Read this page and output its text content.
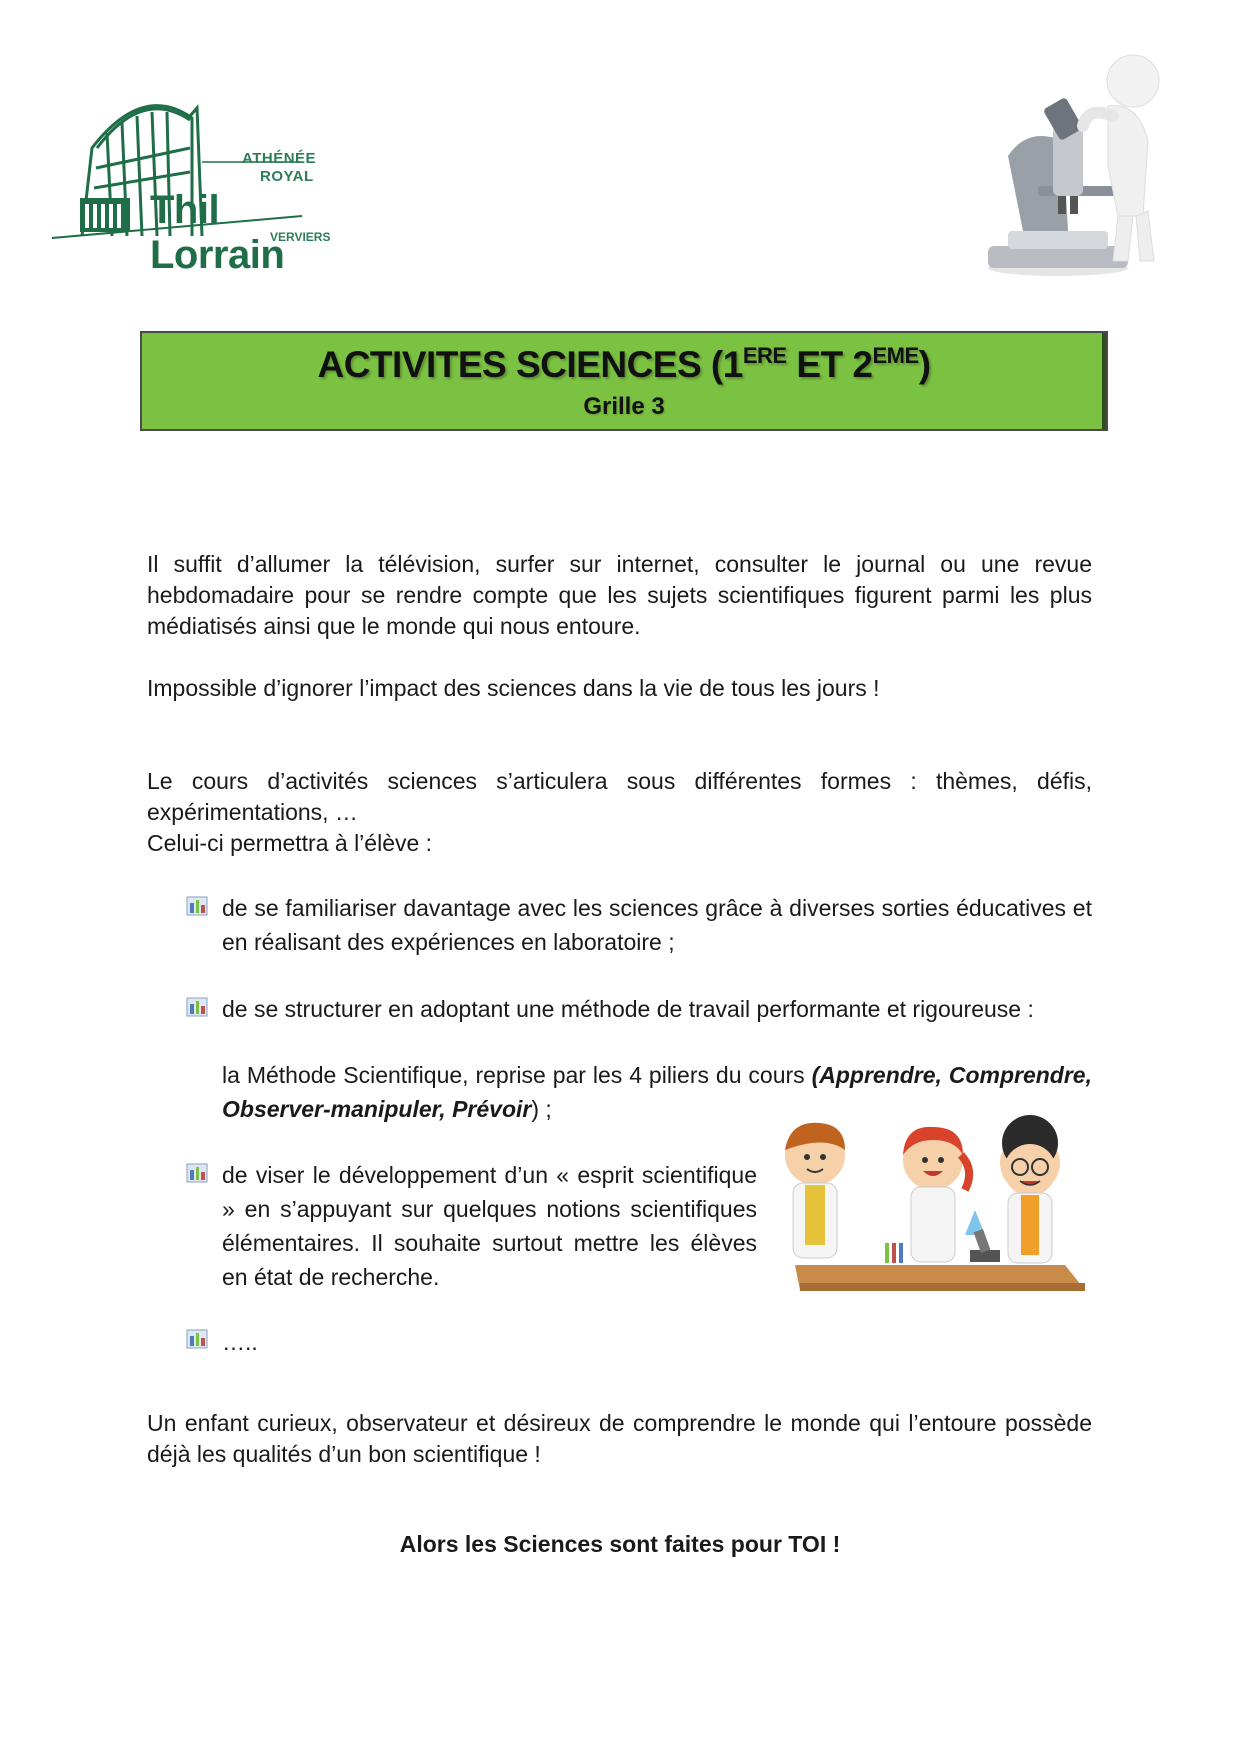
ATHÉNÉE
ROYAL
Thil Lorrain
VERVIERS
ACTIVITES SCIENCES (1ERE ET 2EME)
Grille 3
Il suffit d’allumer la télévision, surfer sur internet, consulter le journal ou une revue hebdomadaire pour se rendre compte que les sujets scientifiques figurent parmi les plus médiatisés ainsi que le monde qui nous entoure.
Impossible d’ignorer l’impact des sciences dans la vie de tous les jours !
Le cours d’activités sciences s’articulera sous différentes formes : thèmes, défis,
expérimentations, …
Celui-ci permettra à l’élève :
de se familiariser davantage avec les sciences grâce à diverses sorties éducatives et en réalisant des expériences en laboratoire ;
de se structurer en adoptant une méthode de travail performante et rigoureuse :
la Méthode Scientifique, reprise par les 4 piliers du cours (Apprendre, Comprendre, Observer-manipuler, Prévoir) ;
de viser le développement d’un « esprit scientifique » en s’appuyant sur quelques notions scientifiques élémentaires. Il souhaite surtout mettre les élèves en état de recherche.
…..
Un enfant curieux, observateur et désireux de comprendre le monde qui l’entoure possède déjà les qualités d’un bon scientifique !
Alors les Sciences sont faites pour TOI !
